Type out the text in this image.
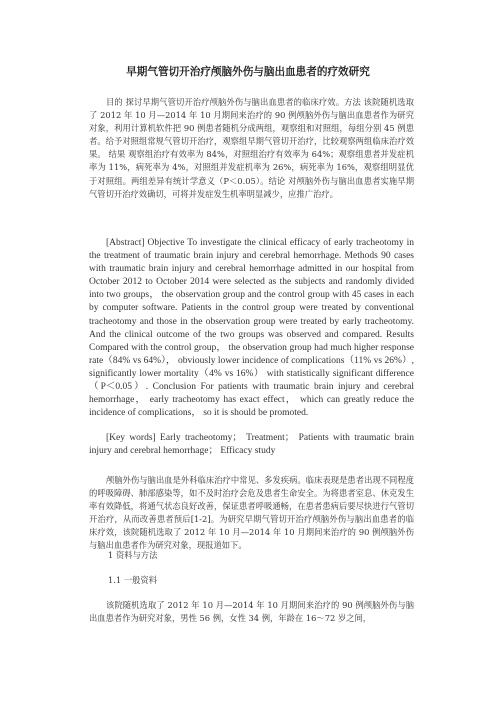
早期气管切开治疗颅脑外伤与脑出血患者的疗效研究

目的 探讨早期气管切开治疗颅脑外伤与脑出血患者的临床疗效。方法 该院随机选取了 2012 年 10 月—2014 年 10 月期间来治疗的 90 例颅脑外伤与脑出血患者作为研究对象，利用计算机软件把 90 例患者随机分成两组，观察组和对照组，每组分别 45 例患者。给予对照组常规气管切开治疗，观察组早期气管切开治疗，比较观察两组临床治疗效果。 结果 观察组治疗有效率为 84%，对照组治疗有效率为 64%；观察组患者并发症机率为 11%，病死率为 4%，对照组并发症机率为 26%，病死率为 16%，观察组明显优于对照组。两组差异有统计学意义（P＜0.05）。结论 对颅脑外伤与脑出血患者实施早期气管切开治疗效确切，可将并发症发生机率明显减少，应推广治疗。

[Abstract] Objective To investigate the clinical efficacy of early tracheotomy in the treatment of traumatic brain injury and cerebral hemorrhage. Methods 90 cases with traumatic brain injury and cerebral hemorrhage admitted in our hospital from October 2012 to October 2014 were selected as the subjects and randomly divided into two groups， the observation group and the control group with 45 cases in each by computer software. Patients in the control group were treated by conventional tracheotomy and those in the observation group were treated by early tracheotomy. And the clinical outcome of the two groups was observed and compared. Results Compared with the control group， the observation group had much higher response rate（84% vs 64%）， obviously lower incidence of complications（11% vs 26%）, significantly lower mortality（4% vs 16%） with statistically significant difference（P＜0.05）. Conclusion For patients with traumatic brain injury and cerebral hemorrhage， early tracheotomy has exact effect， which can greatly reduce the incidence of complications， so it is should be promoted.

[Key words] Early tracheotomy； Treatment； Patients with traumatic brain injury and cerebral hemorrhage； Efficacy study

颅脑外伤与脑出血是外科临床治疗中常见、多发疾病。临床表现是患者出现不同程度的呼吸障碍、肺部感染等，如不及时治疗会危及患者生命安全。为将患者室息、休克发生率有效降低，将通气状态良好改善，保证患者呼吸通畅，在患者患病后要尽快进行气管切开治疗，从而改善患者预后[1-2]。为研究早期气管切开治疗颅脑外伤与脑出血患者的临床疗效，该院随机选取了 2012 年 10 月—2014 年 10 月期间来治疗的 90 例颅脑外伤与脑出血患者作为研究对象，现报道如下。

1 资料与方法

1.1 一般资料

该院随机选取了 2012 年 10 月—2014 年 10 月期间来治疗的 90 例颅脑外伤与脑出血患者作为研究对象，男性 56 例，女性 34 例，年龄在 16～72 岁之间，
